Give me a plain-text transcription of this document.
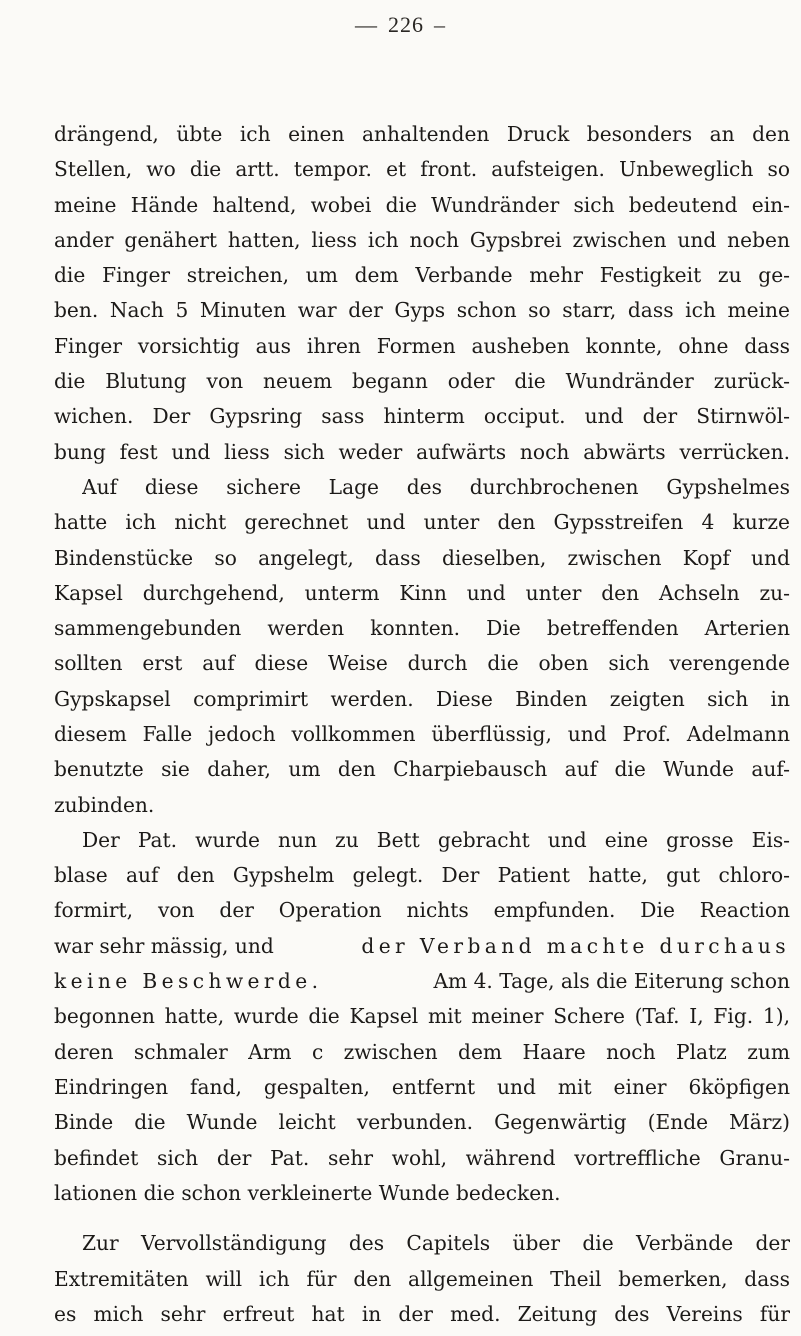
— 226 –
drängend, übte ich einen anhaltenden Druck besonders an den
Stellen, wo die artt. tempor. et front. aufsteigen. Unbeweglich so
meine Hände haltend, wobei die Wundränder sich bedeutend ein-
ander genähert hatten, liess ich noch Gypsbrei zwischen und neben
die Finger streichen, um dem Verbande mehr Festigkeit zu ge-
ben. Nach 5 Minuten war der Gyps schon so starr, dass ich meine
Finger vorsichtig aus ihren Formen ausheben konnte, ohne dass
die Blutung von neuem begann oder die Wundränder zurück-
wichen. Der Gypsring sass hinterm occiput. und der Stirnwöl-
bung fest und liess sich weder aufwärts noch abwärts verrücken.
Auf diese sichere Lage des durchbrochenen Gypshelmes
hatte ich nicht gerechnet und unter den Gypsstreifen 4 kurze
Bindenstücke so angelegt, dass dieselben, zwischen Kopf und
Kapsel durchgehend, unterm Kinn und unter den Achseln zu-
sammengebunden werden konnten. Die betreffenden Arterien
sollten erst auf diese Weise durch die oben sich verengende
Gypskapsel comprimirt werden. Diese Binden zeigten sich in
diesem Falle jedoch vollkommen überflüssig, und Prof. Adelmann
benutzte sie daher, um den Charpiebausch auf die Wunde auf-
zubinden.
Der Pat. wurde nun zu Bett gebracht und eine grosse Eis-
blase auf den Gypshelm gelegt. Der Patient hatte, gut chloro-
formirt, von der Operation nichts empfunden. Die Reaction
war sehr mässig, und	der Verband machte durchaus
keine Beschwerde.	Am 4. Tage, als die Eiterung schon
begonnen hatte, wurde die Kapsel mit meiner Schere (Taf. I, Fig. 1),
deren schmaler Arm c zwischen dem Haare noch Platz zum
Eindringen fand, gespalten, entfernt und mit einer 6köpfigen
Binde die Wunde leicht verbunden. Gegenwärtig (Ende März)
befindet sich der Pat. sehr wohl, während vortreffliche Granu-
lationen die schon verkleinerte Wunde bedecken.
Zur Vervollständigung des Capitels über die Verbände der
Extremitäten will ich für den allgemeinen Theil bemerken, dass
es mich sehr erfreut hat in der med. Zeitung des Vereins für
